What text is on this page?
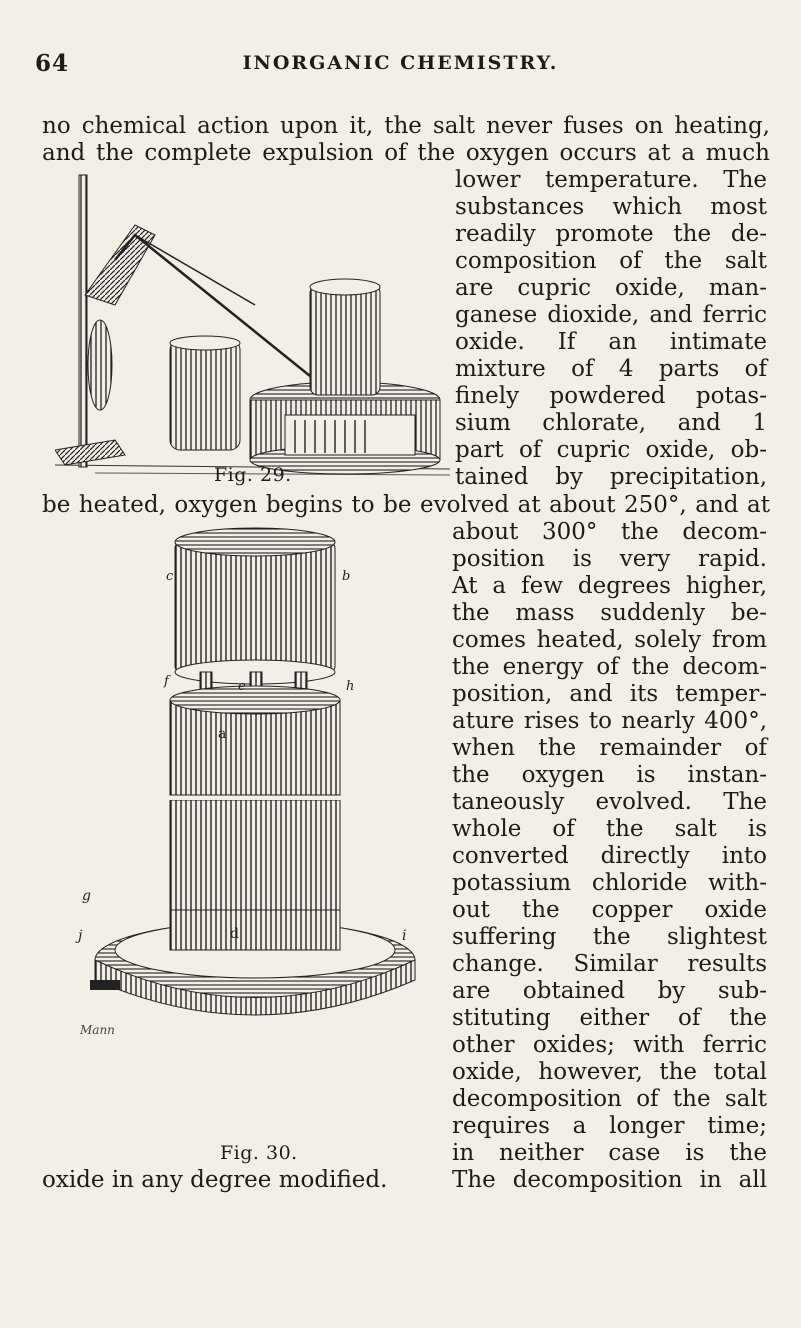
64	INORGANIC CHEMISTRY.
no chemical action upon it, the salt never fuses on heating,
and the complete expulsion of the oxygen occurs at a much
lower temperature. The
substances which most
readily promote the de-
composition of the salt
are cupric oxide, man-
ganese dioxide, and ferric
oxide. If an intimate
mixture of 4 parts of
finely powdered potas-
sium chlorate, and 1
part of cupric oxide, ob-
tained by precipitation,
Fig. 29.
be heated, oxygen begins to be evolved at about 250°, and at
c	b
f	e	h
a
g
j	d	i
Mann
about 300° the decom-
position is very rapid.
At a few degrees higher,
the mass suddenly be-
comes heated, solely from
the energy of the decom-
position, and its temper-
ature rises to nearly 400°,
when the remainder of
the oxygen is instan-
taneously evolved. The
whole of the salt is
converted directly into
potassium chloride with-
out the copper oxide
suffering the slightest
change. Similar results
are obtained by sub-
stituting either of the
other oxides; with ferric
oxide, however, the total
decomposition of the salt
requires a longer time;
in neither case is the
Fig. 30.
oxide in any degree modified.	The decomposition in all
